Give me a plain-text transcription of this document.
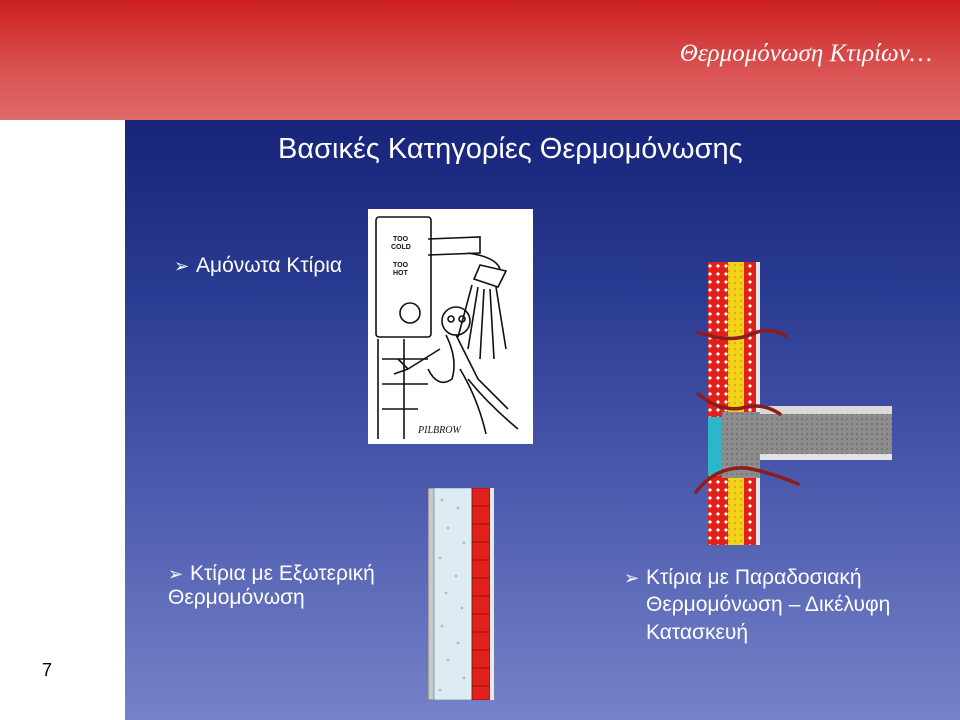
Θερμομόνωση Κτιρίων…
Βασικές Κατηγορίες Θερμομόνωσης
➢ Αμόνωτα Κτίρια
TOO
COLD
TOO
HOT
PILBROW
➢ Κτίρια με Εξωτερική
Θερμομόνωση
➢ Κτίρια με Παραδοσιακή
Θερμομόνωση – Δικέλυφη
Κατασκευή
7
